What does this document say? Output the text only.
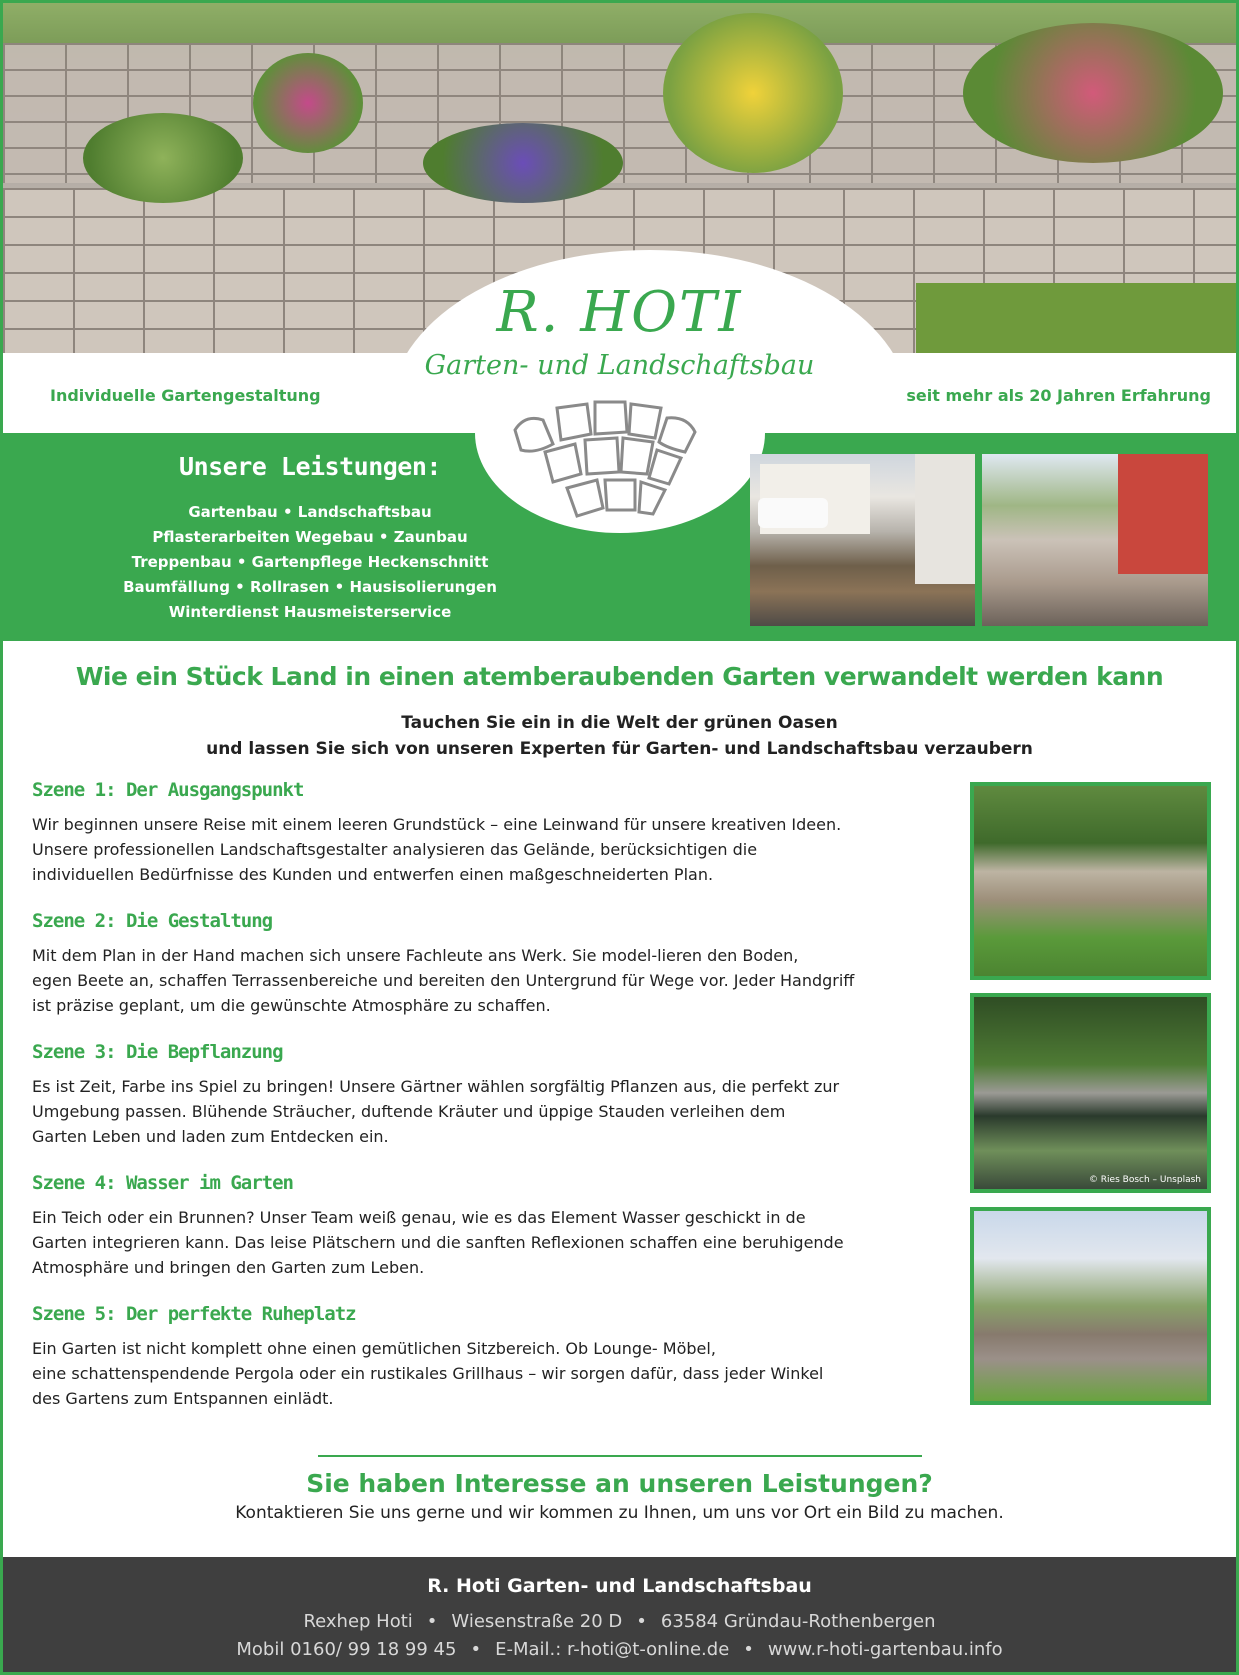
R. HOTI
Garten- und Landschaftsbau
Individuelle Gartengestaltung	seit mehr als 20 Jahren Erfahrung
Unsere Leistungen:
Gartenbau • Landschaftsbau
Pflasterarbeiten Wegebau • Zaunbau
Treppenbau • Gartenpflege Heckenschnitt
Baumfällung • Rollrasen • Hausisolierungen
Winterdienst Hausmeisterservice
Wie ein Stück Land in einen atemberaubenden Garten verwandelt werden kann
Tauchen Sie ein in die Welt der grünen Oasen
und lassen Sie sich von unseren Experten für Garten- und Landschaftsbau verzaubern
Szene 1: Der Ausgangspunkt
Wir beginnen unsere Reise mit einem leeren Grundstück – eine Leinwand für unsere kreativen Ideen.
Unsere professionellen Landschaftsgestalter analysieren das Gelände, berücksichtigen die
individuellen Bedürfnisse des Kunden und entwerfen einen maßgeschneiderten Plan.
Szene 2: Die Gestaltung
Mit dem Plan in der Hand machen sich unsere Fachleute ans Werk. Sie model-lieren den Boden,
egen Beete an, schaffen Terrassenbereiche und bereiten den Untergrund für Wege vor. Jeder Handgriff
ist präzise geplant, um die gewünschte Atmosphäre zu schaffen.
Szene 3: Die Bepflanzung
Es ist Zeit, Farbe ins Spiel zu bringen! Unsere Gärtner wählen sorgfältig Pflanzen aus, die perfekt zur
Umgebung passen. Blühende Sträucher, duftende Kräuter und üppige Stauden verleihen dem
Garten Leben und laden zum Entdecken ein.
Szene 4: Wasser im Garten
Ein Teich oder ein Brunnen? Unser Team weiß genau, wie es das Element Wasser geschickt in de
Garten integrieren kann. Das leise Plätschern und die sanften Reflexionen schaffen eine beruhigende
Atmosphäre und bringen den Garten zum Leben.
Szene 5: Der perfekte Ruheplatz
Ein Garten ist nicht komplett ohne einen gemütlichen Sitzbereich. Ob Lounge- Möbel,
eine schattenspendende Pergola oder ein rustikales Grillhaus – wir sorgen dafür, dass jeder Winkel
des Gartens zum Entspannen einlädt.
© Ries Bosch – Unsplash
Sie haben Interesse an unseren Leistungen?
Kontaktieren Sie uns gerne und wir kommen zu Ihnen, um uns vor Ort ein Bild zu machen.
R. Hoti Garten- und Landschaftsbau
Rexhep Hoti • Wiesenstraße 20 D • 63584 Gründau-Rothenbergen
Mobil 0160/ 99 18 99 45 • E-Mail.: r-hoti@t-online.de • www.r-hoti-gartenbau.info
